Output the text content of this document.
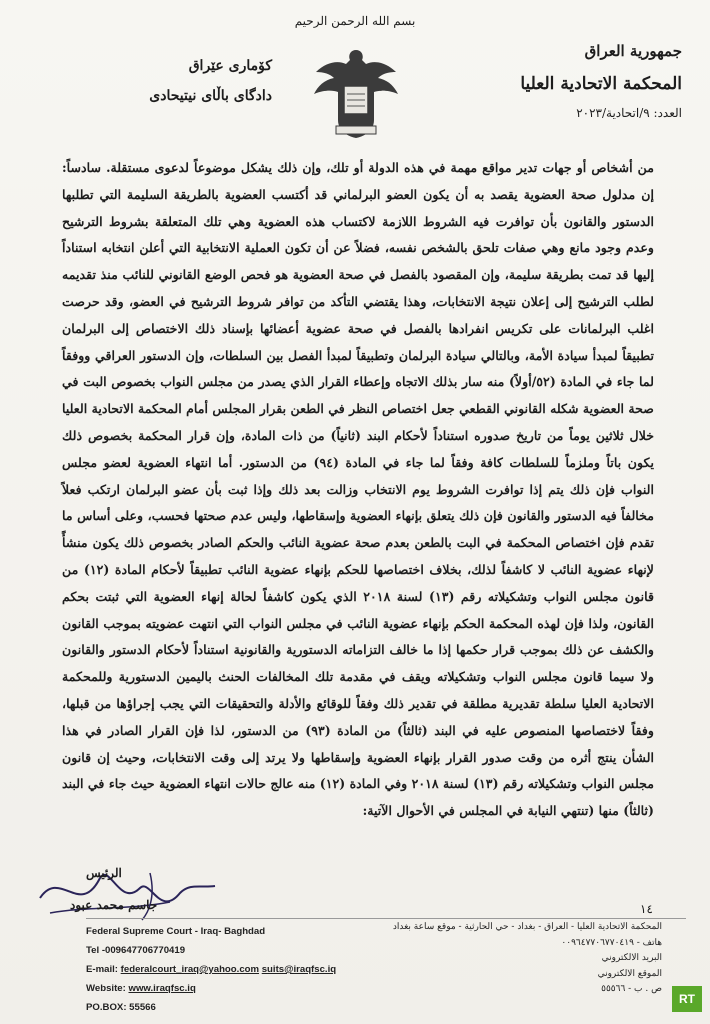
بسم الله الرحمن الرحيم
جمهورية العراق
المحكمة الاتحادية العليا
العدد: ٩/اتحادية/٢٠٢٣
کۆماری عێراق
دادگای باڵای نیتیحادی

من أشخاص أو جهات تدير مواقع مهمة في هذه الدولة أو تلك، وإن ذلك يشكل موضوعاً لدعوى مستقلة. سادساً: إن مدلول صحة العضوية يقصد به أن يكون العضو البرلماني قد أكتسب العضوية بالطريقة السليمة التي تطلبها الدستور والقانون بأن توافرت فيه الشروط اللازمة لاكتساب هذه العضوية وهي تلك المتعلقة بشروط الترشيح وعدم وجود مانع وهي صفات تلحق بالشخص نفسه، فضلاً عن أن تكون العملية الانتخابية التي أعلن انتخابه استناداً إليها قد تمت بطريقة سليمة، وإن المقصود بالفصل في صحة العضوية هو فحص الوضع القانوني للنائب منذ تقديمه لطلب الترشيح إلى إعلان نتيجة الانتخابات، وهذا يقتضي التأكد من توافر شروط الترشيح في العضو، وقد حرصت اغلب البرلمانات على تكريس انفرادها بالفصل في صحة عضوية أعضائها بإسناد ذلك الاختصاص إلى البرلمان تطبيقاً لمبدأ سيادة الأمة، وبالتالي سيادة البرلمان وتطبيقاً لمبدأ الفصل بين السلطات، وإن الدستور العراقي ووفقاً لما جاء في المادة (٥٢/أولاً) منه سار بذلك الاتجاه وإعطاء القرار الذي يصدر من مجلس النواب بخصوص البت في صحة العضوية شكله القانوني القطعي جعل اختصاص النظر في الطعن بقرار المجلس أمام المحكمة الاتحادية العليا خلال ثلاثين يوماً من تاريخ صدوره استناداً لأحكام البند (ثانياً) من ذات المادة، وإن قرار المحكمة بخصوص ذلك يكون باتاً وملزماً للسلطات كافة وفقاً لما جاء في المادة (٩٤) من الدستور. أما انتهاء العضوية لعضو مجلس النواب فإن ذلك يتم إذا توافرت الشروط يوم الانتخاب وزالت بعد ذلك وإذا ثبت بأن عضو البرلمان ارتكب فعلاً مخالفاً فيه الدستور والقانون فإن ذلك يتعلق بإنهاء العضوية وإسقاطها، وليس عدم صحتها فحسب، وعلى أساس ما تقدم فإن اختصاص المحكمة في البت بالطعن بعدم صحة عضوية النائب والحكم الصادر بخصوص ذلك يكون منشأً لإنهاء عضوية النائب لا كاشفاً لذلك، بخلاف اختصاصها للحكم بإنهاء عضوية النائب تطبيقاً لأحكام المادة (١٢) من قانون مجلس النواب وتشكيلاته رقم (١٣) لسنة ٢٠١٨ الذي يكون كاشفاً لحالة إنهاء العضوية التي ثبتت بحكم القانون، ولذا فإن لهذه المحكمة الحكم بإنهاء عضوية النائب في مجلس النواب التي انتهت عضويته بموجب القانون والكشف عن ذلك بموجب قرار حكمها إذا ما خالف التزاماته الدستورية والقانونية استناداً لأحكام الدستور والقانون ولا سيما قانون مجلس النواب وتشكيلاته ويقف في مقدمة تلك المخالفات الحنث باليمين الدستورية وللمحكمة الاتحادية العليا سلطة تقديرية مطلقة في تقدير ذلك وفقاً للوقائع والأدلة والتحقيقات التي يجب إجراؤها من قبلها، وفقاً لاختصاصها المنصوص عليه في البند (ثالثاً) من المادة (٩٣) من الدستور، لذا فإن القرار الصادر في هذا الشأن ينتج أثره من وقت صدور القرار بإنهاء العضوية وإسقاطها ولا يرتد إلى وقت الانتخابات، وحيث إن قانون مجلس النواب وتشكيلاته رقم (١٣) لسنة ٢٠١٨ وفي المادة (١٢) منه عالج حالات انتهاء العضوية حيث جاء في البند (ثالثاً) منها (تنتهي النيابة في المجلس في الأحوال الآتية:

الرئيس
جاسم محمد عبود	١٤
Federal Supreme Court - Iraq- Baghdad
Tel -009647706770419
E-mail: federalcourt_iraq@yahoo.com suits@iraqfsc.iq
Website: www.iraqfsc.iq
PO.BOX: 55566
المحكمة الاتحادية العليا - العراق - بغداد - حي الحارثية - موقع ساعة بغداد
هاتف - ٠٠٩٦٤٧٧٠٦٧٧٠٤١٩
البريد الالكتروني
الموقع الالكتروني
ص . ب - ٥٥٥٦٦
RT
